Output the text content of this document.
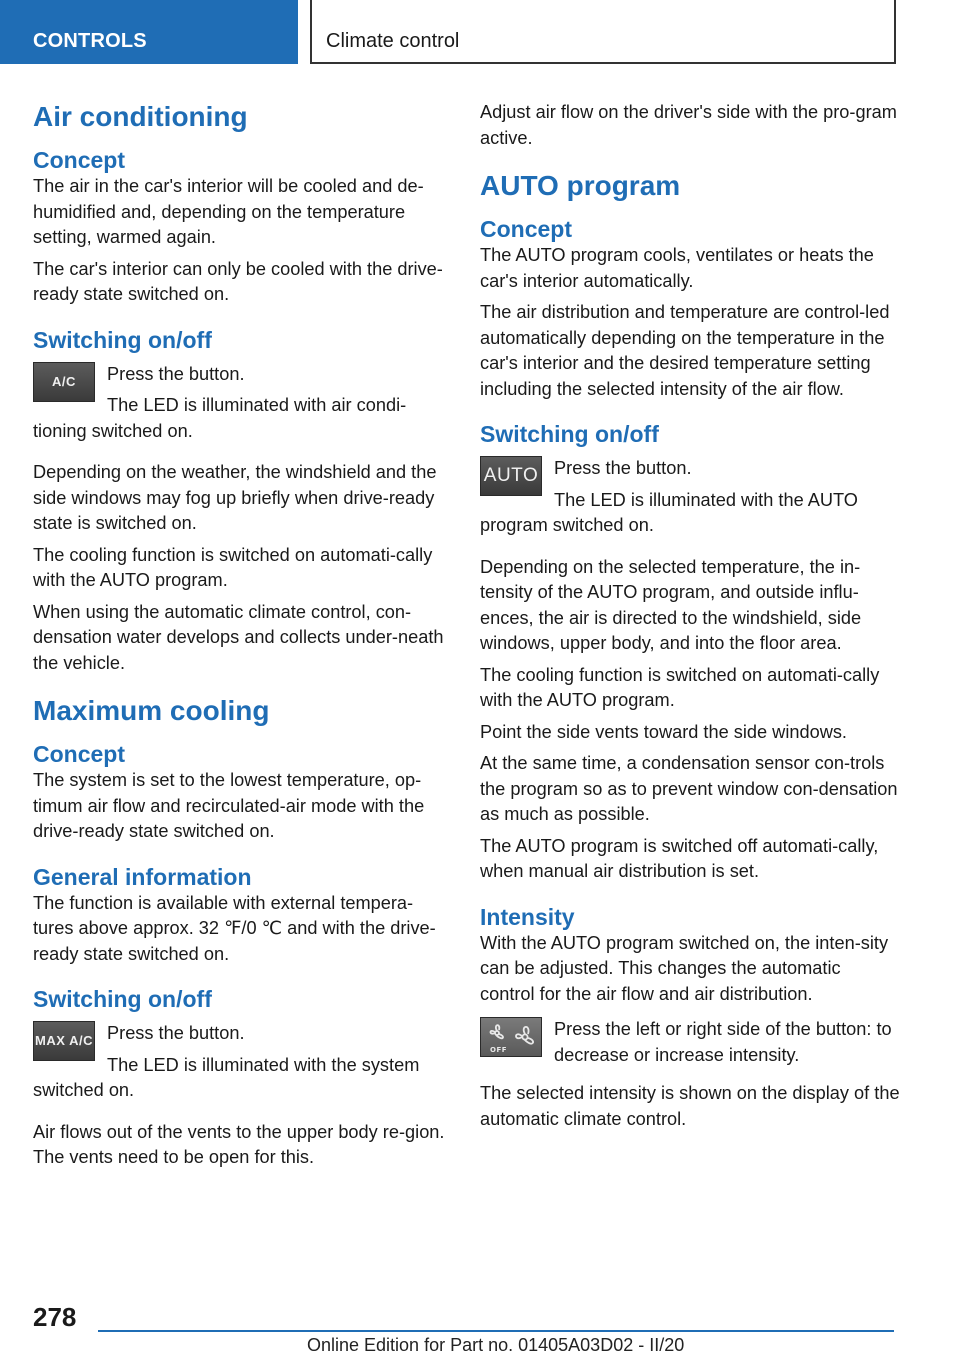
CONTROLS	Climate control
Air conditioning
Concept

The air in the car's interior will be cooled and de-humidified and, depending on the temperature setting, warmed again.

The car's interior can only be cooled with the drive-ready state switched on.

Switching on/off
A/C Press the button.

The LED is illuminated with air condi-

tioning switched on.

Depending on the weather, the windshield and the side windows may fog up briefly when drive-ready state is switched on.

The cooling function is switched on automati-cally with the AUTO program.

When using the automatic climate control, con-densation water develops and collects under-neath the vehicle.

Maximum cooling
Concept

The system is set to the lowest temperature, op-timum air flow and recirculated-air mode with the drive-ready state switched on.

General information

The function is available with external tempera-tures above approx. 32 ℉/0 ℃ and with the drive-ready state switched on.

Switching on/off
MAX A/C Press the button.

The LED is illuminated with the system

switched on.

Air flows out of the vents to the upper body re-gion. The vents need to be open for this.

Adjust air flow on the driver's side with the pro-gram active.

AUTO program
Concept

The AUTO program cools, ventilates or heats the car's interior automatically.

The air distribution and temperature are control-led automatically depending on the temperature in the car's interior and the desired temperature setting including the selected intensity of the air flow.

Switching on/off
AUTO Press the button.

The LED is illuminated with the AUTO

program switched on.

Depending on the selected temperature, the in-tensity of the AUTO program, and outside influ-ences, the air is directed to the windshield, side windows, upper body, and into the floor area.

The cooling function is switched on automati-cally with the AUTO program.

Point the side vents toward the side windows.

At the same time, a condensation sensor con-trols the program so as to prevent window con-densation as much as possible.

The AUTO program is switched off automati-cally, when manual air distribution is set.

Intensity

With the AUTO program switched on, the inten-sity can be adjusted. This changes the automatic control for the air flow and air distribution.

OFF

Press the left or right side of the button: to decrease or increase intensity.

The selected intensity is shown on the display of the automatic climate control.

278
Online Edition for Part no. 01405A03D02 - II/20
